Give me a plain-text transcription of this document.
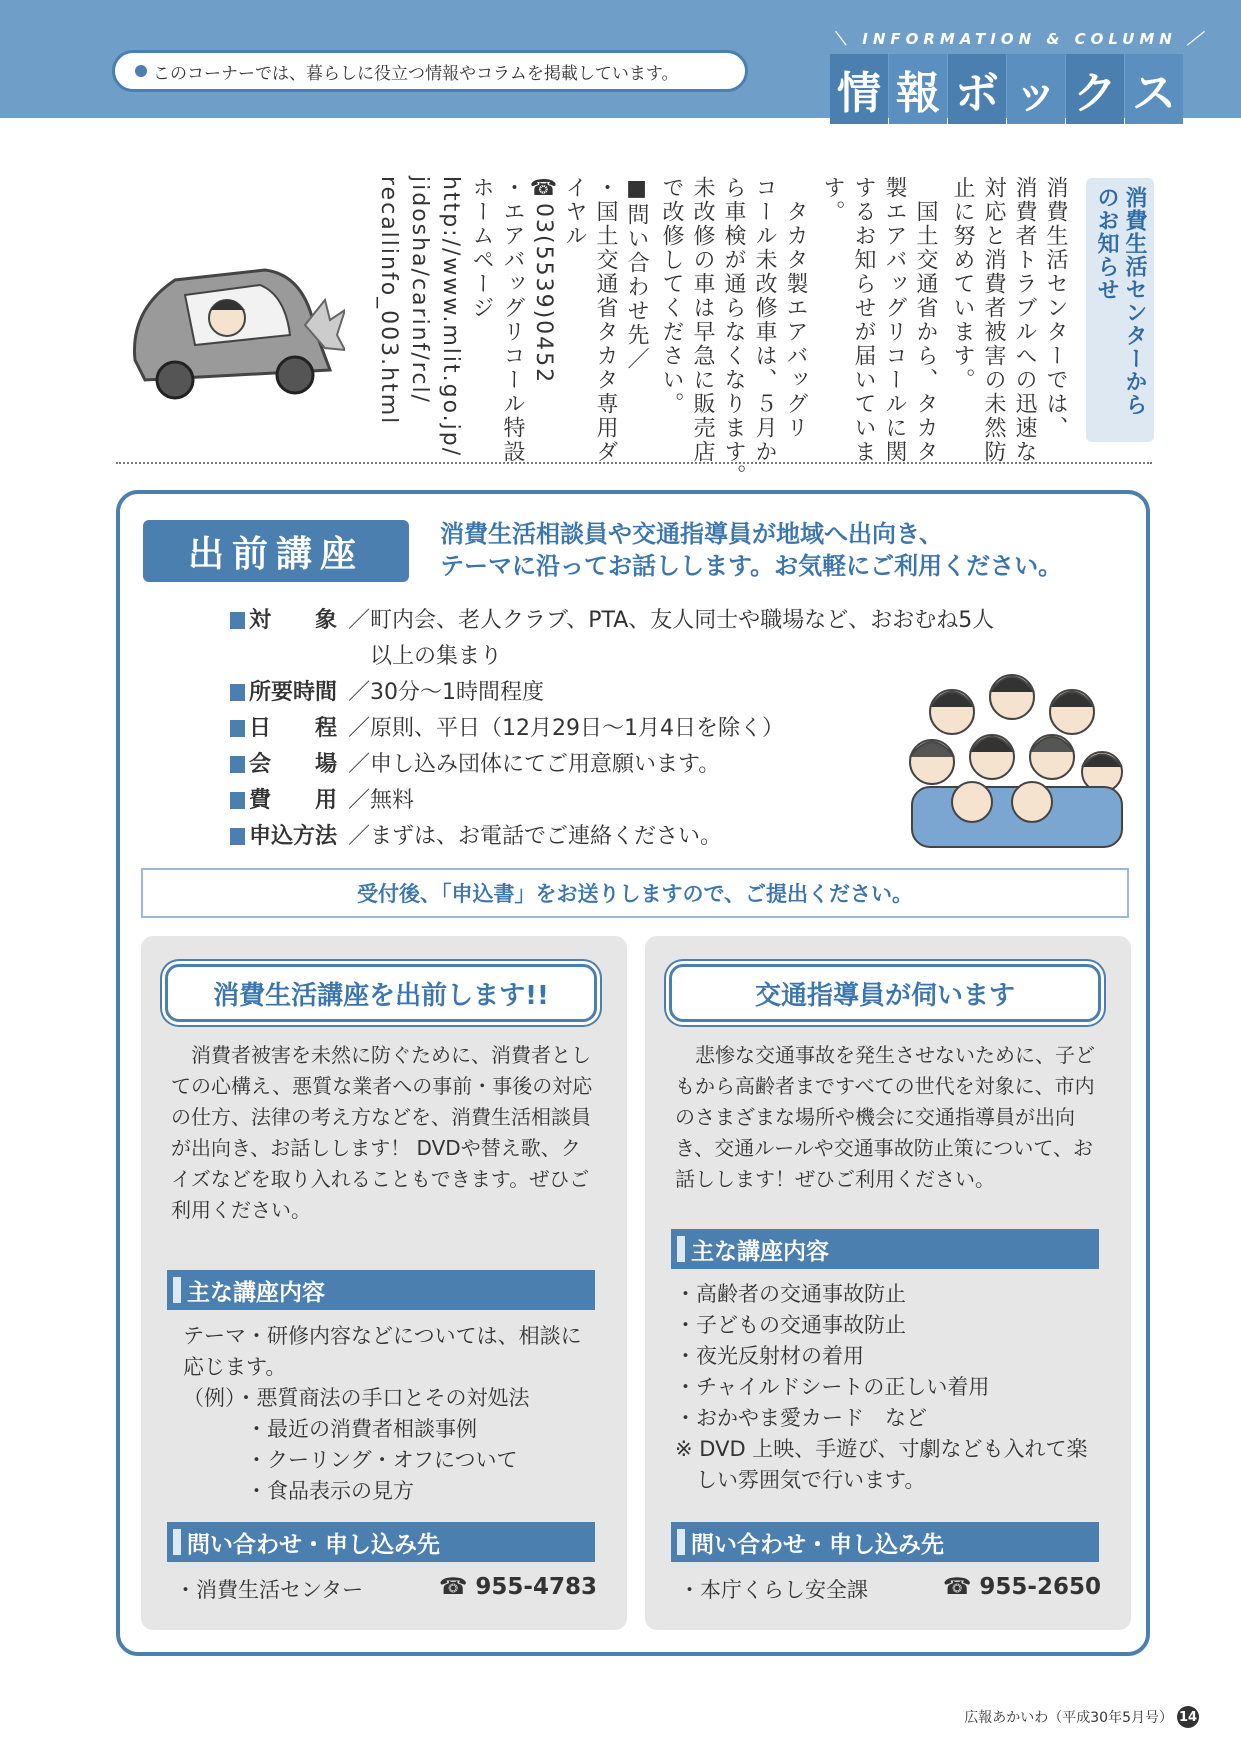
このコーナーでは、暮らしに役立つ情報やコラムを掲載しています。
＼ INFORMATION & COLUMN ／
情 報 ボ ッ ク ス
消費生活センターからのお知らせ
消費生活センターでは、
消費者トラブルへの迅速な
対応と消費者被害の未然防
止に努めています。
　国土交通省から、タカタ
製エアバッグリコールに関
するお知らせが届いていま
す。
　タカタ製エアバッグリ
コール未改修車は、５月か
ら車検が通らなくなります。
未改修の車は早急に販売店
で改修してください。
■問い合わせ先／
・国土交通省タカタ専用ダ
イヤル
☎03(5539)0452
・エアバッグリコール特設
ホームページ
http://www.mlit.go.jp/
jidosha/carinf/rcl/
recallinfo_003.html
出前講座	消費生活相談員や交通指導員が地域へ出向き、
テーマに沿ってお話しします。お気軽にご利用ください。
対　　象 ／町内会、老人クラブ、PTA、友人同士や職場など、おおむね5人
以上の集まり
所要時間 ／30分～1時間程度
日　　程 ／原則、平日（12月29日～1月4日を除く）
会　　場 ／申し込み団体にてご用意願います。
費　　用 ／無料
申込方法 ／まずは、お電話でご連絡ください。
受付後、「申込書」をお送りしますので、ご提出ください。
消費生活講座を出前します!!
消費者被害を未然に防ぐために、消費者としての心構え、悪質な業者への事前・事後の対応の仕方、法律の考え方などを、消費生活相談員が出向き、お話しします！ DVDや替え歌、クイズなどを取り入れることもできます。ぜひご利用ください。
主な講座内容
テーマ・研修内容などについては、相談に
応じます。
（例）・悪質商法の手口とその対処法
　　　・最近の消費者相談事例
　　　・クーリング・オフについて
　　　・食品表示の見方
問い合わせ・申し込み先
・消費生活センター	☎ 955-4783
交通指導員が伺います
悲惨な交通事故を発生させないために、子どもから高齢者まですべての世代を対象に、市内のさまざまな場所や機会に交通指導員が出向き、交通ルールや交通事故防止策について、お話しします！ぜひご利用ください。
主な講座内容
・高齢者の交通事故防止
・子どもの交通事故防止
・夜光反射材の着用
・チャイルドシートの正しい着用
・おかやま愛カード　など
※ DVD 上映、手遊び、寸劇なども入れて楽
　しい雰囲気で行います。
問い合わせ・申し込み先
・本庁くらし安全課	☎ 955-2650
広報あかいわ（平成30年5月号） 14
